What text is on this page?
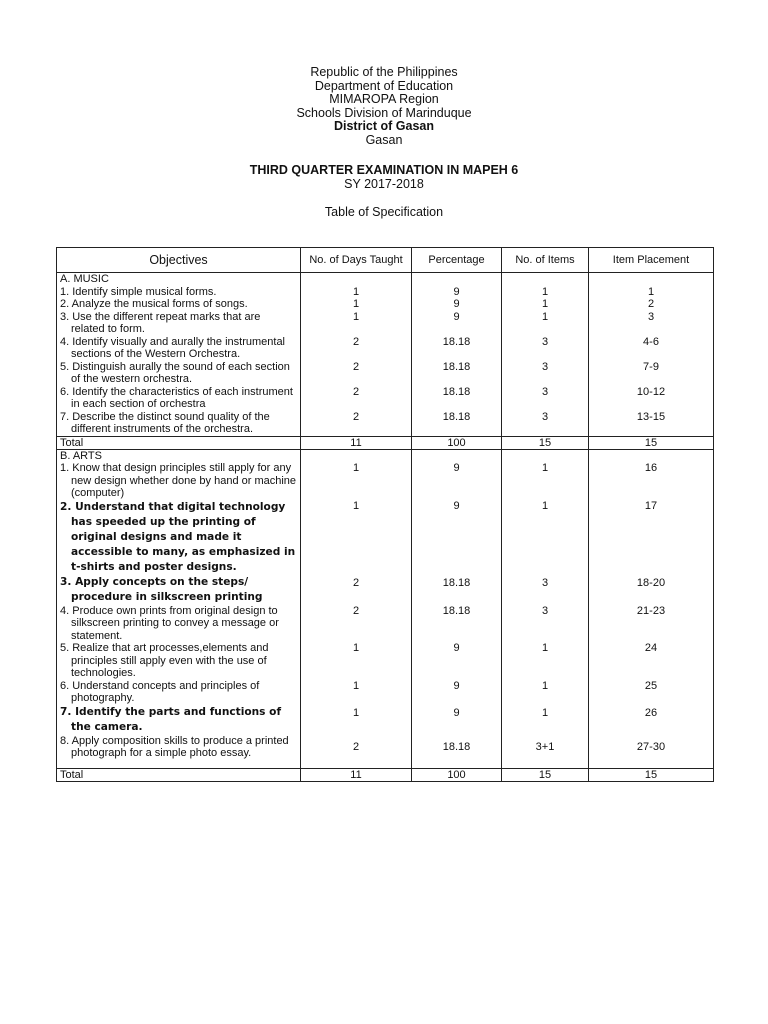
Republic of the Philippines
Department of Education
MIMAROPA Region
Schools Division of Marinduque
District of Gasan
Gasan
THIRD QUARTER EXAMINATION IN MAPEH 6
SY 2017-2018
Table of Specification
Objectives	No. of Days Taught	Percentage	No. of Items	Item Placement
A. MUSIC				

1. Identify simple musical forms.	1	9	1	1

2. Analyze the musical forms of songs.	1	9	1	2

3. Use the different repeat marks that are related to form.	1	9	1	3

4. Identify visually and aurally the instrumental sections of the Western Orchestra.	2	18.18	3	4-6

5. Distinguish aurally the sound of each section of the western orchestra.	2	18.18	3	7-9

6. Identify the characteristics of each instrument in each section of orchestra	2	18.18	3	10-12

7. Describe the distinct sound quality of the different instruments of the orchestra.	2	18.18	3	13-15
Total	11	100	15	15
B. ARTS				

1. Know that design principles still apply for any new design whether done by hand or machine (computer)	1	9	1	16

2. Understand that digital technology has speeded up the printing of original designs and made it accessible to many, as emphasized in t-shirts and poster designs.	1	9	1	17

3. Apply concepts on the steps/ procedure in silkscreen printing	2	18.18	3	18-20

4. Produce own prints from original design to silkscreen printing to convey a message or statement.	2	18.18	3	21-23

5. Realize that art processes,elements and principles still apply even with the use of technologies.	1	9	1	24

6. Understand concepts and principles of photography.	1	9	1	25

7. Identify the parts and functions of the camera.	1	9	1	26

8. Apply composition skills to produce a printed photograph for a simple photo essay.	2	18.18	3+1	27-30
Total	11	100	15	15
